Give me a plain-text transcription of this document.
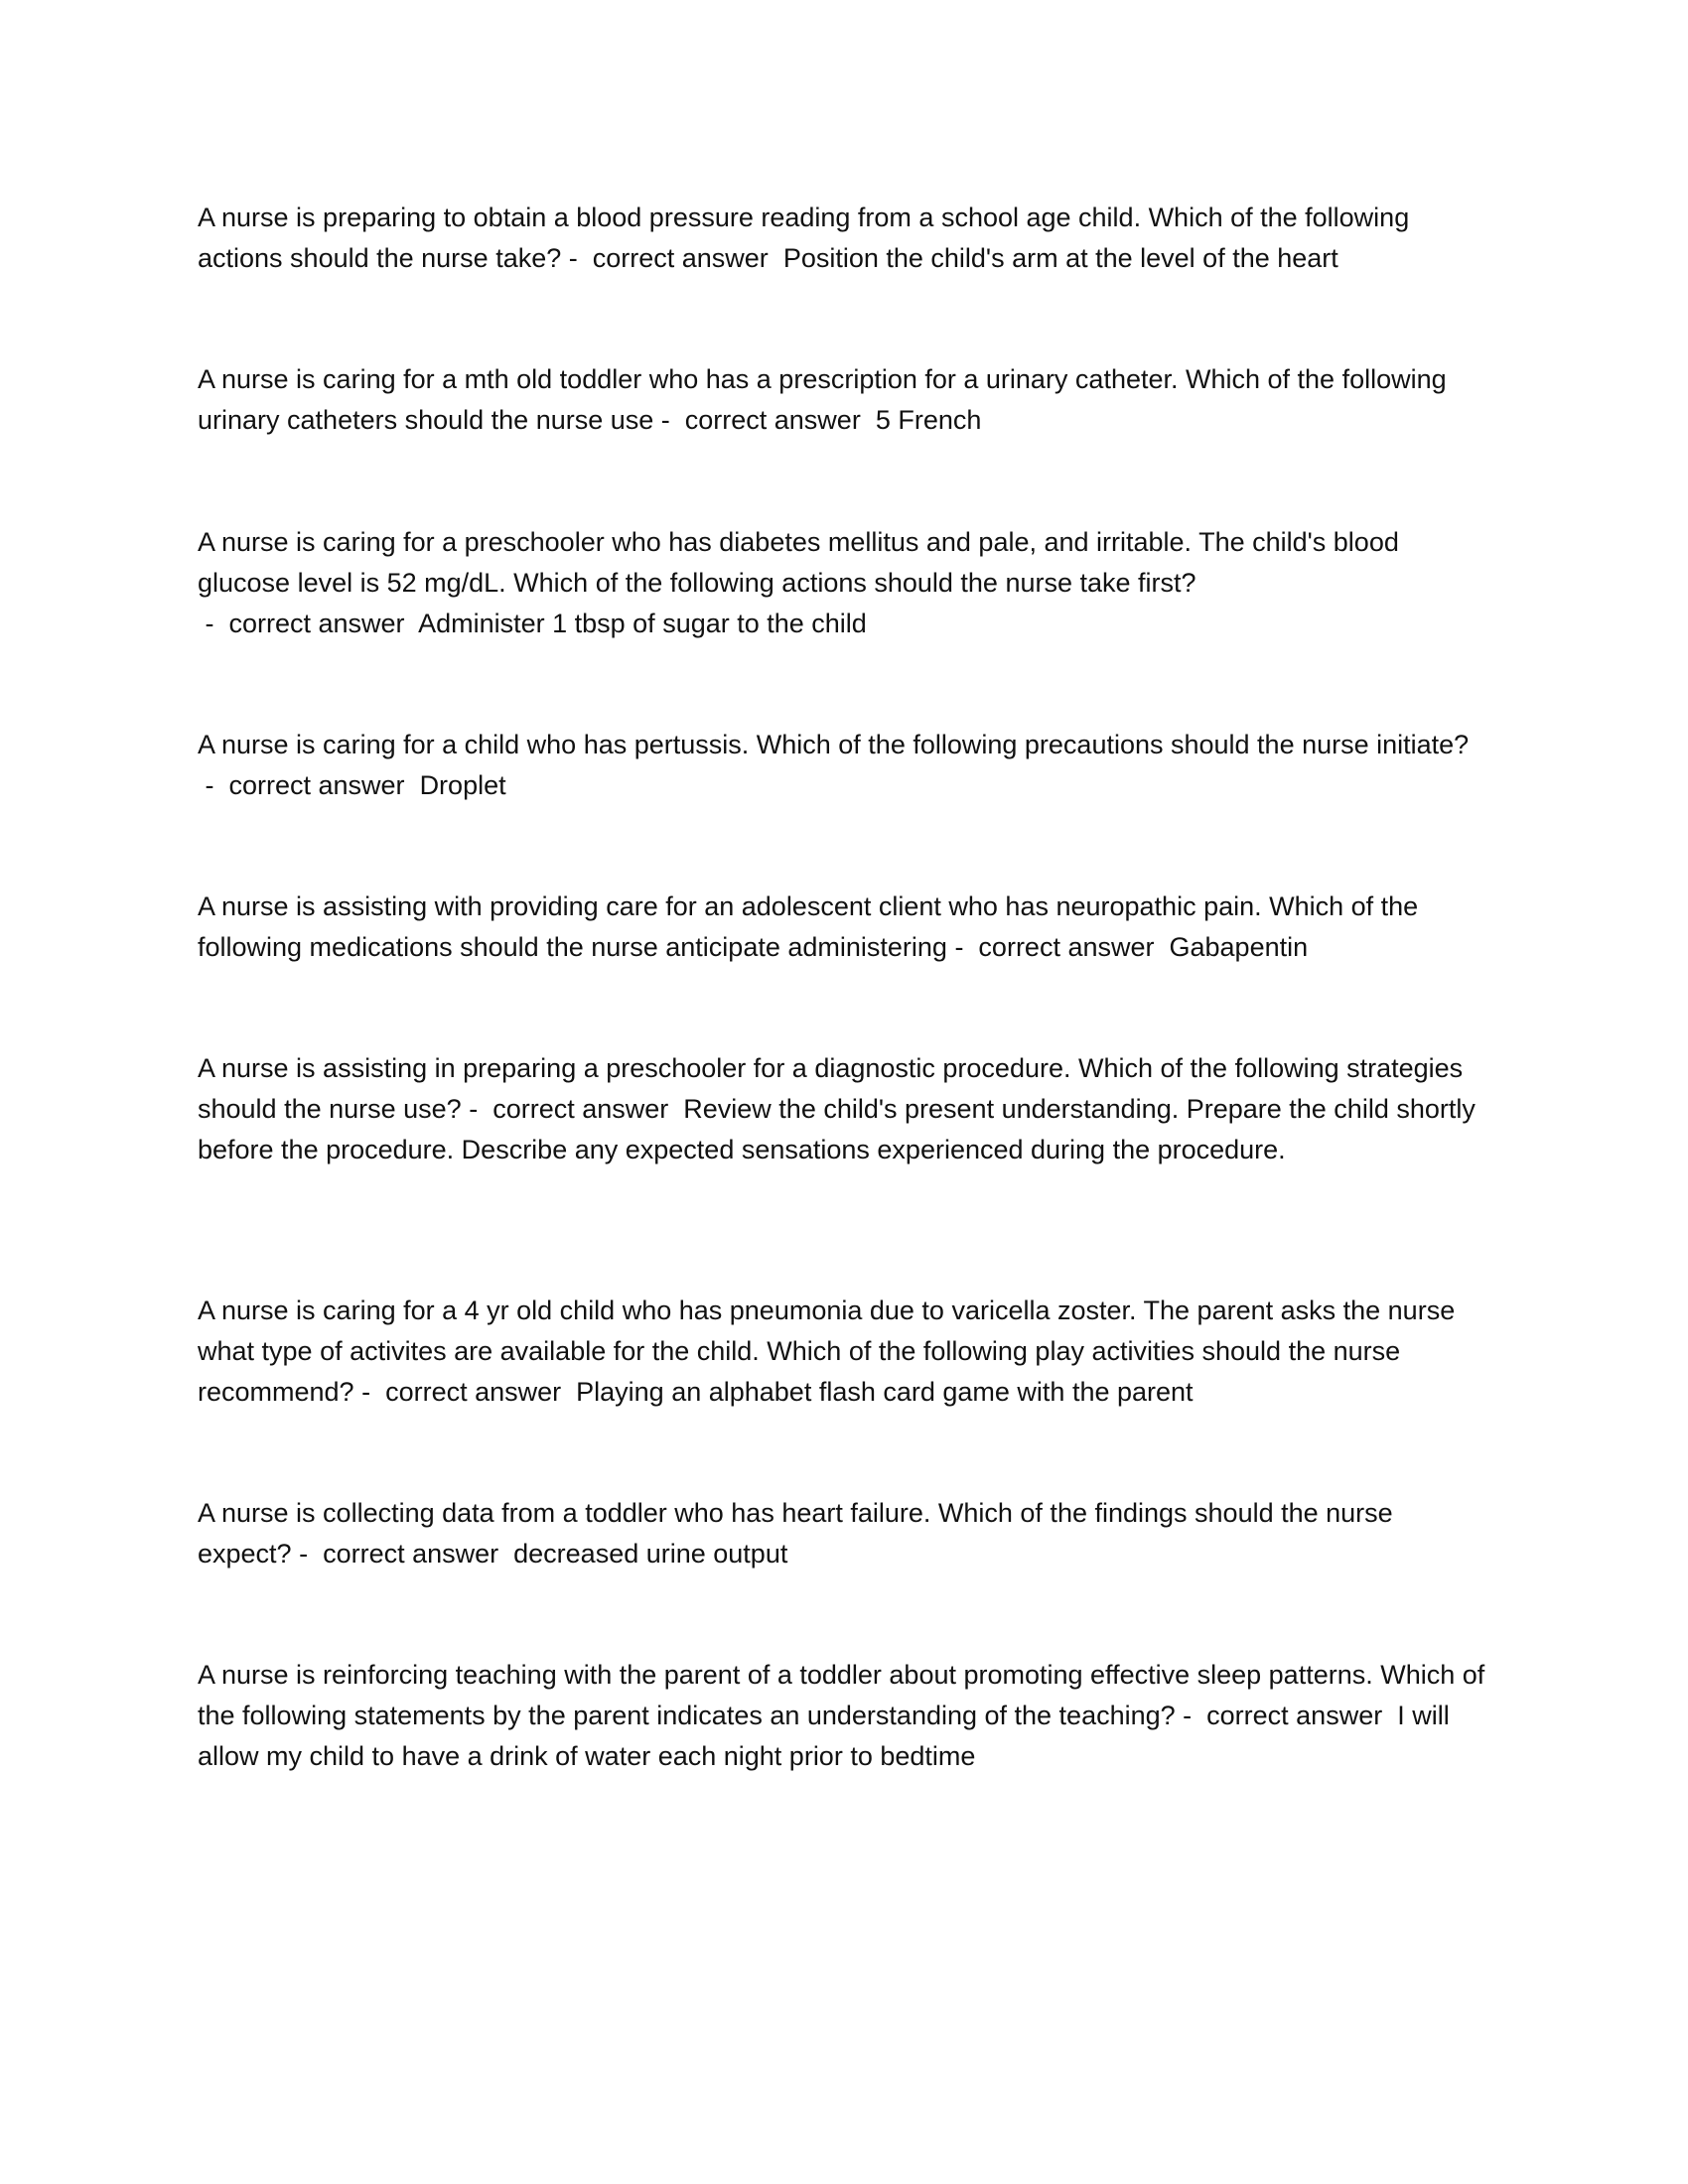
A nurse is preparing to obtain a blood pressure reading from a school age child. Which of the following actions should the nurse take? -  correct answer  Position the child's arm at the level of the heart

A nurse is caring for a mth old toddler who has a prescription for a urinary catheter. Which of the following urinary catheters should the nurse use -  correct answer  5 French

A nurse is caring for a preschooler who has diabetes mellitus and pale, and irritable. The child's blood glucose level is 52 mg/dL. Which of the following actions should the nurse take first? -  correct answer  Administer 1 tbsp of sugar to the child

A nurse is caring for a child who has pertussis. Which of the following precautions should the nurse initiate? -  correct answer  Droplet

A nurse is assisting with providing care for an adolescent client who has neuropathic pain. Which of the following medications should the nurse anticipate administering -  correct answer  Gabapentin

A nurse is assisting in preparing a preschooler for a diagnostic procedure. Which of the following strategies should the nurse use? -  correct answer  Review the child's present understanding. Prepare the child shortly before the procedure. Describe any expected sensations experienced during the procedure.

A nurse is caring for a 4 yr old child who has pneumonia due to varicella zoster. The parent asks the nurse what type of activites are available for the child. Which of the following play activities should the nurse recommend? -  correct answer  Playing an alphabet flash card game with the parent

A nurse is collecting data from a toddler who has heart failure. Which of the findings should the nurse expect? -  correct answer  decreased urine output

A nurse is reinforcing teaching with the parent of a toddler about promoting effective sleep patterns. Which of the following statements by the parent indicates an understanding of the teaching? -  correct answer  I will allow my child to have a drink of water each night prior to bedtime
